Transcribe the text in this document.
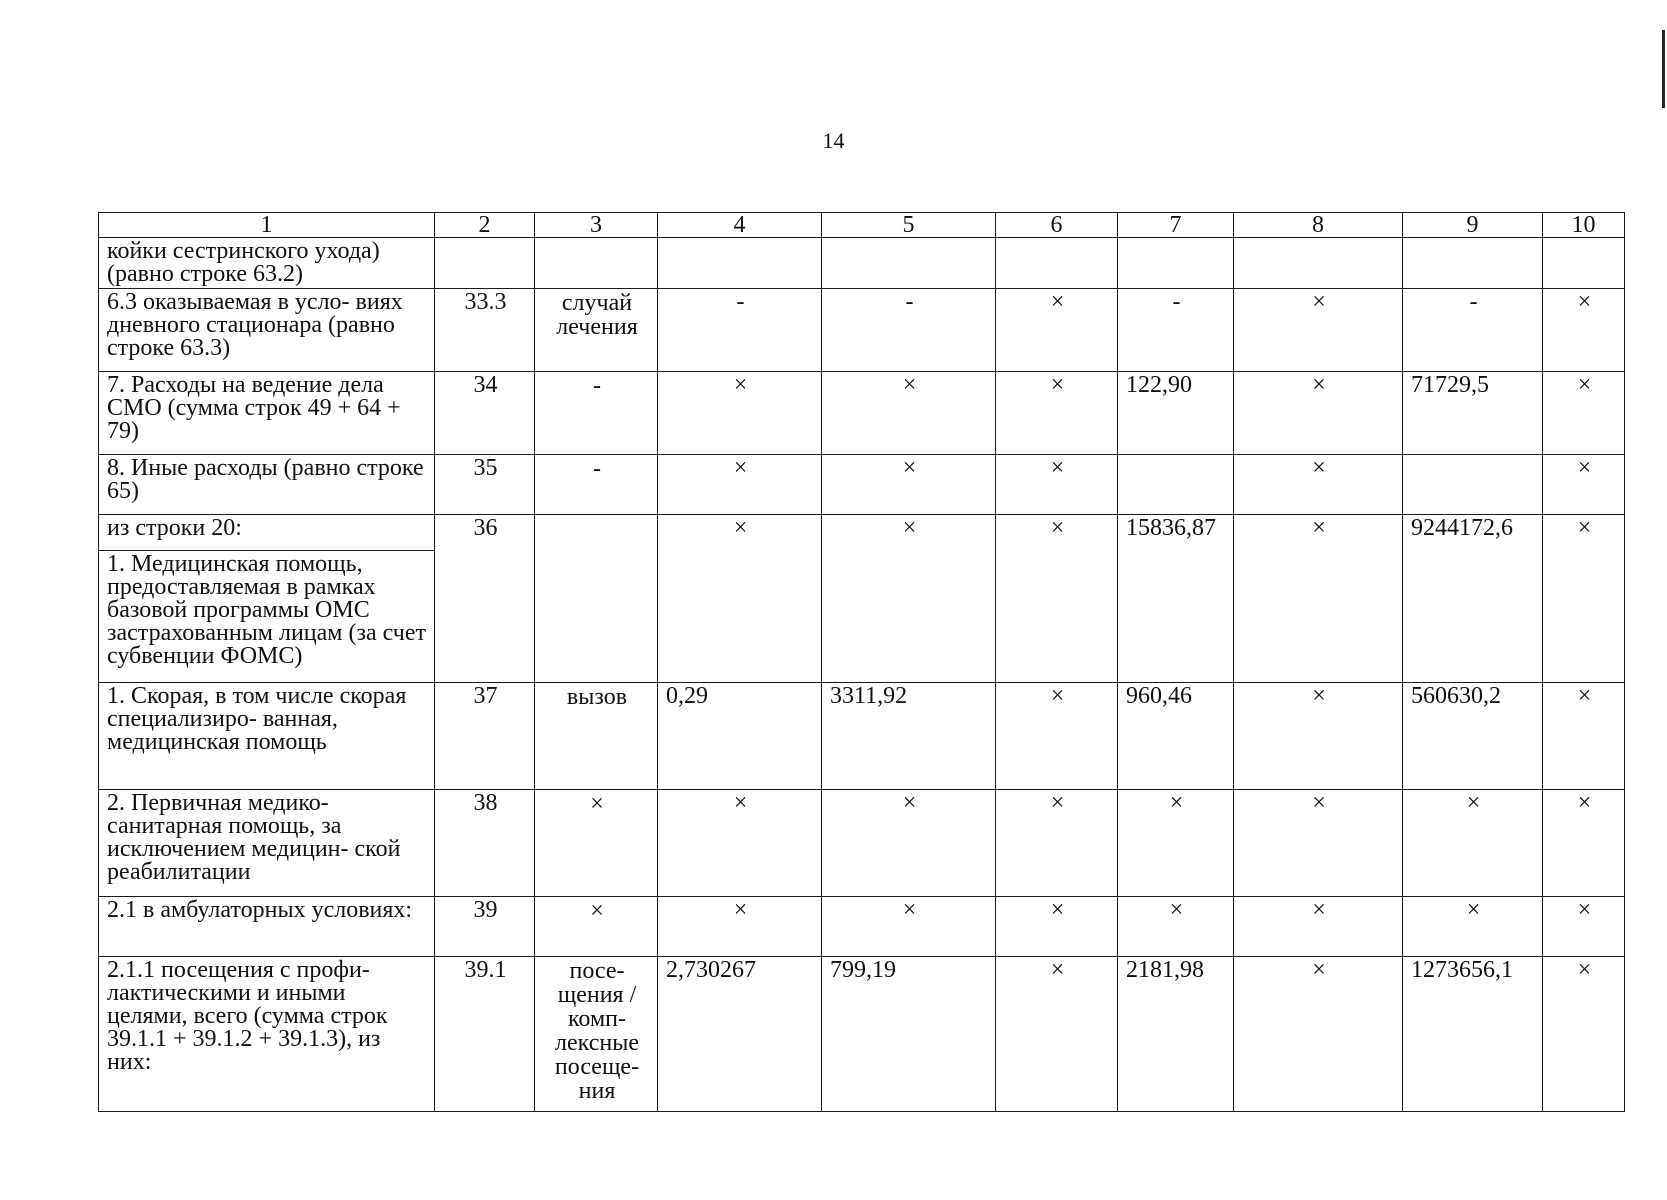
14
1	2	3	4	5	6	7	8	9	10
койки сестринского ухода) (равно строке 63.2)									
6.3 оказываемая в усло- виях дневного стационара (равно строке 63.3)	33.3	случай лечения	-	-	×	-	×	-	×
7. Расходы на ведение дела СМО (сумма строк 49 + 64 + 79)	34	-	×	×	×	122,90	×	71729,5	×
8. Иные расходы (равно строке 65)	35	-	×	×	×		×		×
из строки 20:	36		×	×	×	15836,87	×	9244172,6	×
1. Медицинская помощь, предоставляемая в рамках базовой программы ОМС застрахованным лицам (за счет субвенции ФОМС)									
1. Скорая, в том числе скорая специализиро- ванная, медицинская помощь	37	вызов	0,29	3311,92	×	960,46	×	560630,2	×
2. Первичная медико- санитарная помощь, за исключением медицин- ской реабилитации	38	×	×	×	×	×	×	×	×
2.1 в амбулаторных условиях:	39	×	×	×	×	×	×	×	×
2.1.1 посещения с профи- лактическими и иными целями, всего (сумма строк 39.1.1 + 39.1.2 + 39.1.3), из них:	39.1	посе- щения / комп- лексные посеще- ния	2,730267	799,19	×	2181,98	×	1273656,1	×
